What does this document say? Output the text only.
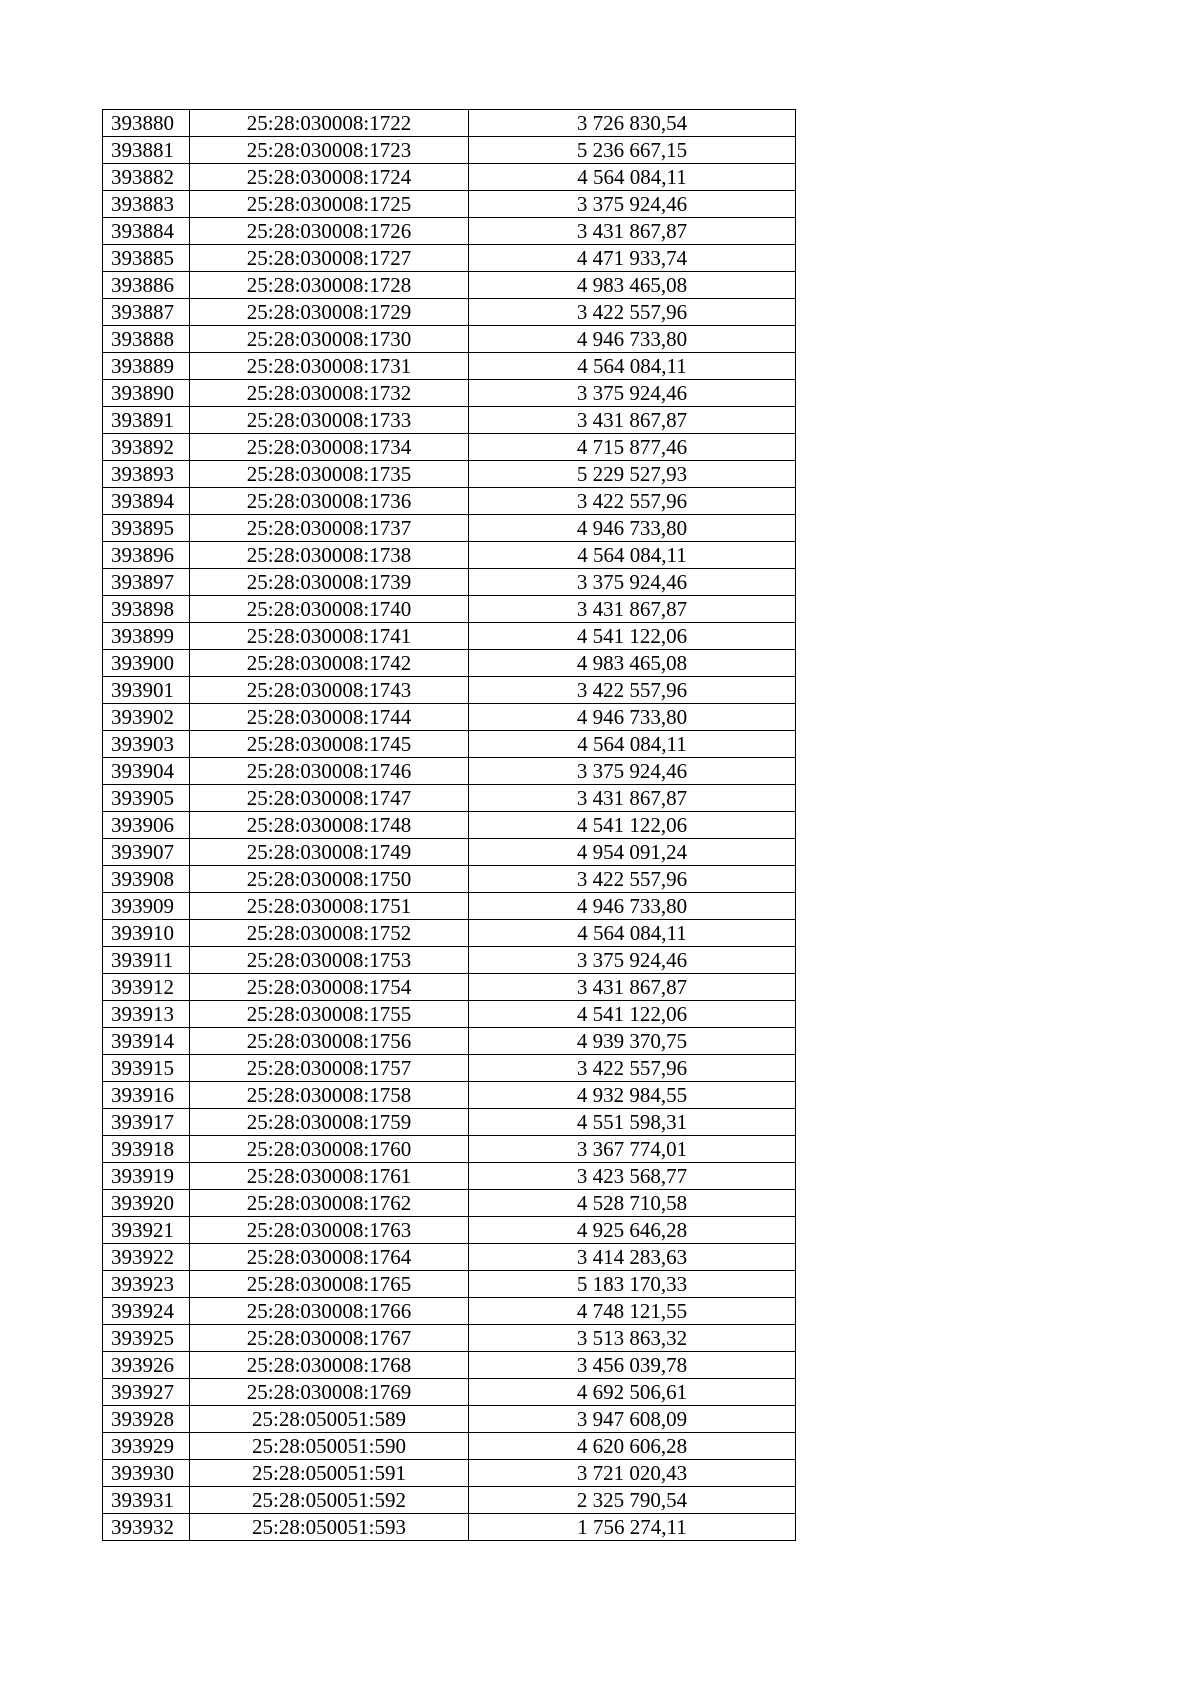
393880	25:28:030008:1722	3 726 830,54
393881	25:28:030008:1723	5 236 667,15
393882	25:28:030008:1724	4 564 084,11
393883	25:28:030008:1725	3 375 924,46
393884	25:28:030008:1726	3 431 867,87
393885	25:28:030008:1727	4 471 933,74
393886	25:28:030008:1728	4 983 465,08
393887	25:28:030008:1729	3 422 557,96
393888	25:28:030008:1730	4 946 733,80
393889	25:28:030008:1731	4 564 084,11
393890	25:28:030008:1732	3 375 924,46
393891	25:28:030008:1733	3 431 867,87
393892	25:28:030008:1734	4 715 877,46
393893	25:28:030008:1735	5 229 527,93
393894	25:28:030008:1736	3 422 557,96
393895	25:28:030008:1737	4 946 733,80
393896	25:28:030008:1738	4 564 084,11
393897	25:28:030008:1739	3 375 924,46
393898	25:28:030008:1740	3 431 867,87
393899	25:28:030008:1741	4 541 122,06
393900	25:28:030008:1742	4 983 465,08
393901	25:28:030008:1743	3 422 557,96
393902	25:28:030008:1744	4 946 733,80
393903	25:28:030008:1745	4 564 084,11
393904	25:28:030008:1746	3 375 924,46
393905	25:28:030008:1747	3 431 867,87
393906	25:28:030008:1748	4 541 122,06
393907	25:28:030008:1749	4 954 091,24
393908	25:28:030008:1750	3 422 557,96
393909	25:28:030008:1751	4 946 733,80
393910	25:28:030008:1752	4 564 084,11
393911	25:28:030008:1753	3 375 924,46
393912	25:28:030008:1754	3 431 867,87
393913	25:28:030008:1755	4 541 122,06
393914	25:28:030008:1756	4 939 370,75
393915	25:28:030008:1757	3 422 557,96
393916	25:28:030008:1758	4 932 984,55
393917	25:28:030008:1759	4 551 598,31
393918	25:28:030008:1760	3 367 774,01
393919	25:28:030008:1761	3 423 568,77
393920	25:28:030008:1762	4 528 710,58
393921	25:28:030008:1763	4 925 646,28
393922	25:28:030008:1764	3 414 283,63
393923	25:28:030008:1765	5 183 170,33
393924	25:28:030008:1766	4 748 121,55
393925	25:28:030008:1767	3 513 863,32
393926	25:28:030008:1768	3 456 039,78
393927	25:28:030008:1769	4 692 506,61
393928	25:28:050051:589	3 947 608,09
393929	25:28:050051:590	4 620 606,28
393930	25:28:050051:591	3 721 020,43
393931	25:28:050051:592	2 325 790,54
393932	25:28:050051:593	1 756 274,11
